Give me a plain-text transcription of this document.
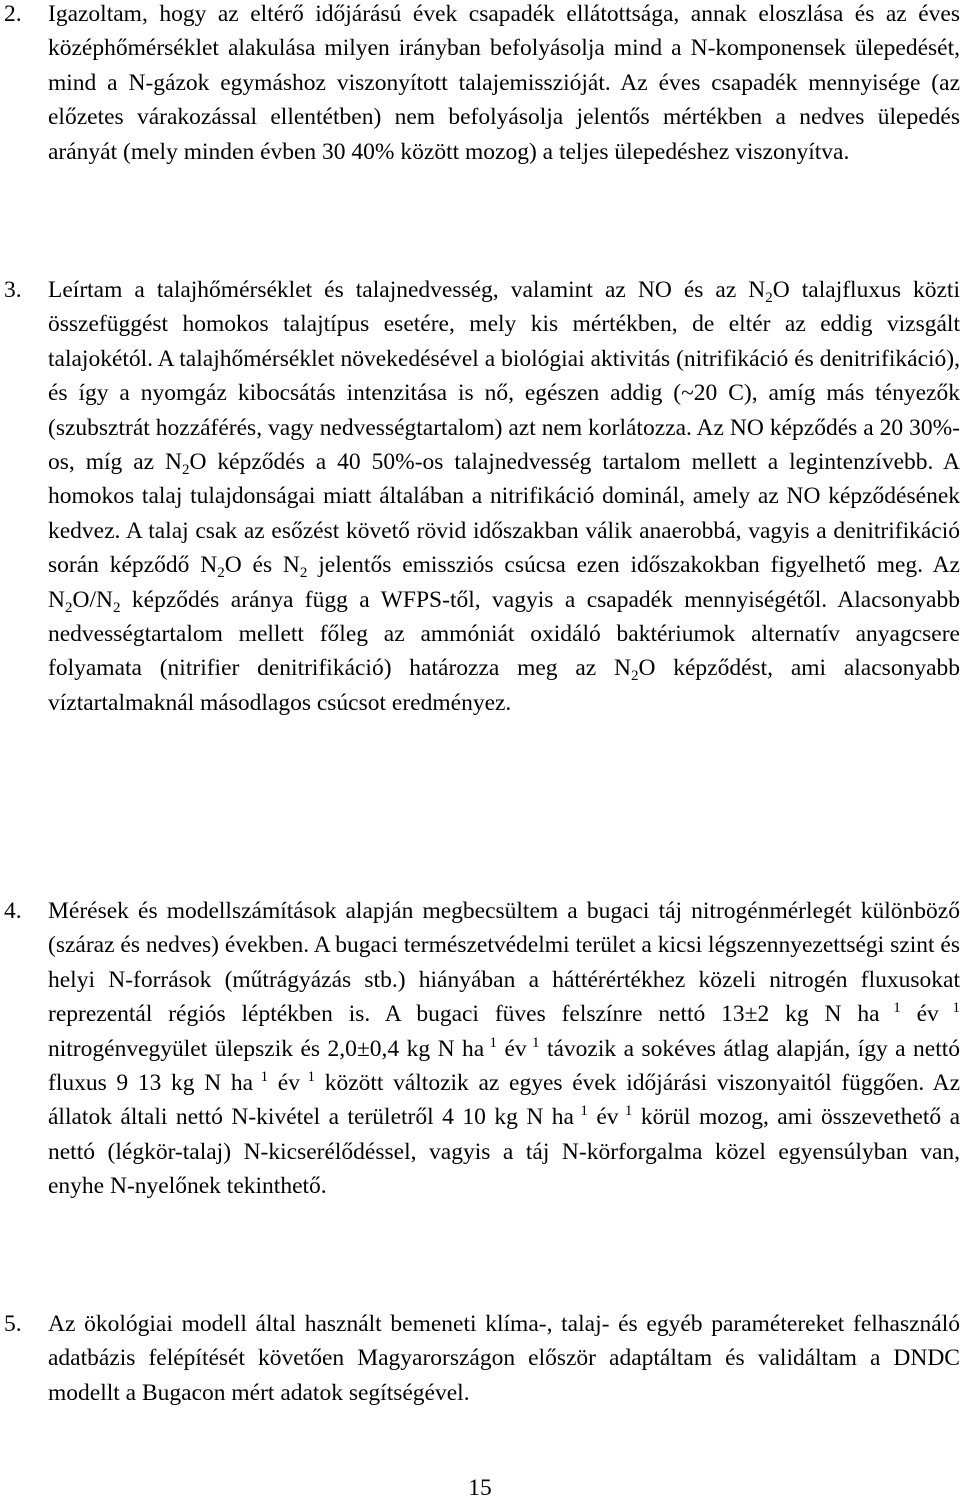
2. Igazoltam, hogy az eltérő időjárású évek csapadék ellátottsága, annak eloszlása és az éves középhőmérséklet alakulása milyen irányban befolyásolja mind a N-komponensek ülepedését, mind a N-gázok egymáshoz viszonyított talajemisszióját. Az éves csapadék mennyisége (az előzetes várakozással ellentétben) nem befolyásolja jelentős mértékben a nedves ülepedés arányát (mely minden évben 30 40% között mozog) a teljes ülepedéshez viszonyítva.
3. Leírtam a talajhőmérséklet és talajnedvesség, valamint az NO és az $N_2O$ talajfluxus közti összefüggést homokos talajtípus esetére, mely kis mértékben, de eltér az eddig vizsgált talajokétól. A talajhőmérséklet növekedésével a biológiai aktivitás (nitrifikáció és denitrifikáció), és így a nyomgáz kibocsátás intenzitása is nő, egészen addig (~20 C), amíg más tényezők (szubsztrát hozzáférés, vagy nedvességtartalom) azt nem korlátozza. Az NO képződés a 20 30%-os, míg az $N_2O$ képződés a 40 50%-os talajnedvesség tartalom mellett a legintenzívebb. A homokos talaj tulajdonságai miatt általában a nitrifikáció dominál, amely az NO képződésének kedvez. A talaj csak az esőzést követő rövid időszakban válik anaerobbá, vagyis a denitrifikáció során képződő $N_2O$ és $N_2$ jelentős emissziós csúcsa ezen időszakokban figyelhető meg. Az $N_2O/N_2$ képződés aránya függ a WFPS-től, vagyis a csapadék mennyiségétől. Alacsonyabb nedvességtartalom mellett főleg az ammóniát oxidáló baktériumok alternatív anyagcsere folyamata (nitrifier denitrifikáció) határozza meg az $N_2O$ képződést, ami alacsonyabb víztartalmaknál másodlagos csúcsot eredményez.
4. Mérések és modellszámítások alapján megbecsültem a bugaci táj nitrogénmérlegét különböző (száraz és nedves) években. A bugaci természetvédelmi terület a kicsi légszennyezettségi szint és helyi N-források (műtrágyázás stb.) hiányában a háttérértékhez közeli nitrogén fluxusokat reprezentál régiós léptékben is. A bugaci füves felszínre nettó 13±2 kg N ha $^1$ év $^1$ nitrogénvegyület ülepszik és 2,0±0,4 kg N ha $^1$ év $^1$ távozik a sokéves átlag alapján, így a nettó fluxus 9 13 kg N ha $^1$ év $^1$ között változik az egyes évek időjárási viszonyaitól függően. Az állatok általi nettó N-kivétel a területről 4 10 kg N ha $^1$ év $^1$ körül mozog, ami összevethető a nettó (légkör-talaj) N-kicserélődéssel, vagyis a táj N-körforgalma közel egyensúlyban van, enyhe N-nyelőnek tekinthető.
5. Az ökológiai modell által használt bemeneti klíma-, talaj- és egyéb paramétereket felhasználó adatbázis felépítését követően Magyarországon először adaptáltam és validáltam a DNDC modellt a Bugacon mért adatok segítségével.
15
